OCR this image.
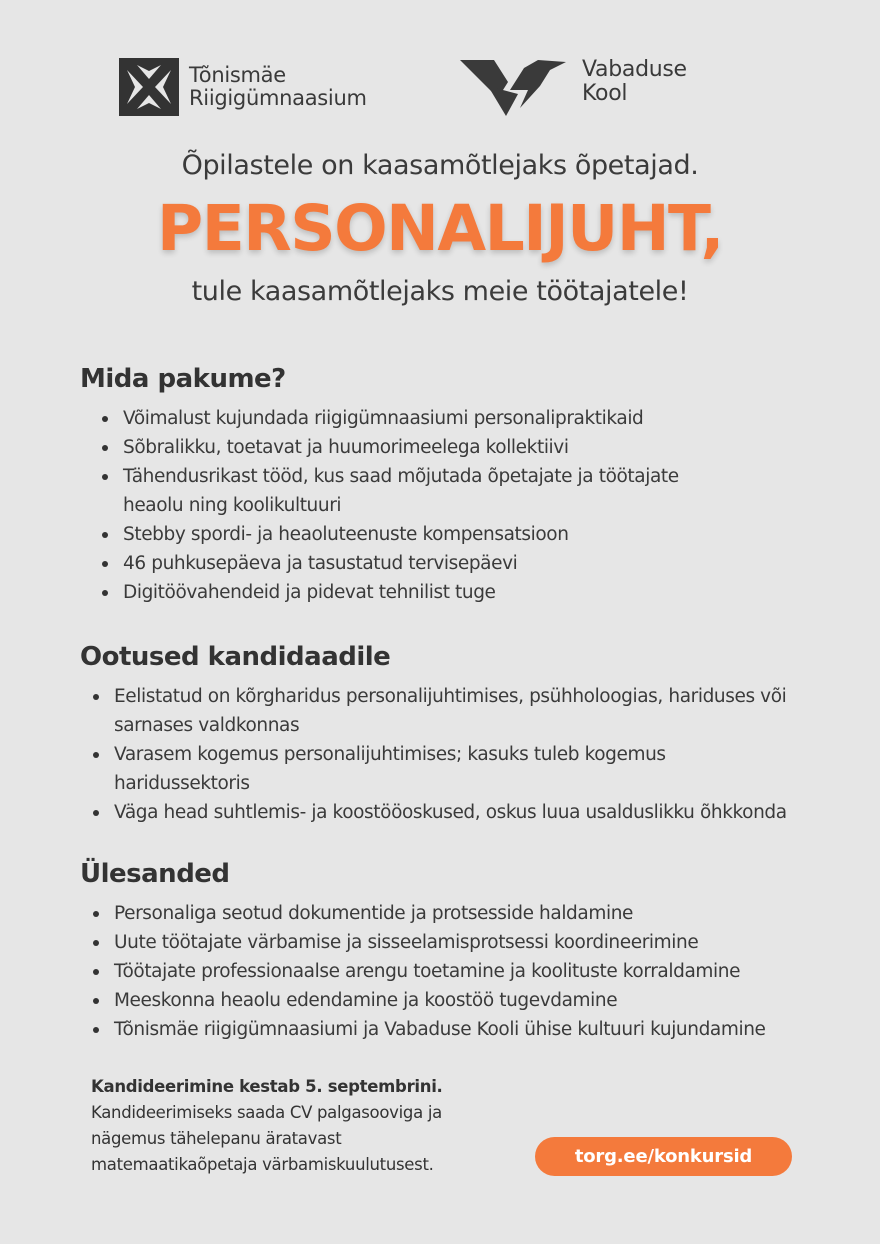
Tõnismäe
Riigigümnaasium
Vabaduse
Kool
Õpilastele on kaasamõtlejaks õpetajad.
PERSONALIJUHT,
tule kaasamõtlejaks meie töötajatele!
Mida pakume?
Võimalust kujundada riigigümnaasiumi personalipraktikaid
Sõbralikku, toetavat ja huumorimeelega kollektiivi
Tähendusrikast tööd, kus saad mõjutada õpetajate ja töötajate heaolu ning koolikultuuri
Stebby spordi- ja heaoluteenuste kompensatsioon
46 puhkusepäeva ja tasustatud tervisepäevi
Digitöövahendeid ja pidevat tehnilist tuge
Ootused kandidaadile
Eelistatud on kõrgharidus personalijuhtimises, psühholoogias, hariduses või sarnases valdkonnas
Varasem kogemus personalijuhtimises; kasuks tuleb kogemus haridussektoris
Väga head suhtlemis- ja koostööoskused, oskus luua usalduslikku õhkkonda
Ülesanded
Personaliga seotud dokumentide ja protsesside haldamine
Uute töötajate värbamise ja sisseelamisprotsessi koordineerimine
Töötajate professionaalse arengu toetamine ja koolituste korraldamine
Meeskonna heaolu edendamine ja koostöö tugevdamine
Tõnismäe riigigümnaasiumi ja Vabaduse Kooli ühise kultuuri kujundamine
Kandideerimine kestab 5. septembrini.
Kandideerimiseks saada CV palgasooviga ja nägemus tähelepanu äratavast matemaatikaõpetaja värbamiskuulutusest.	torg.ee/konkursid
